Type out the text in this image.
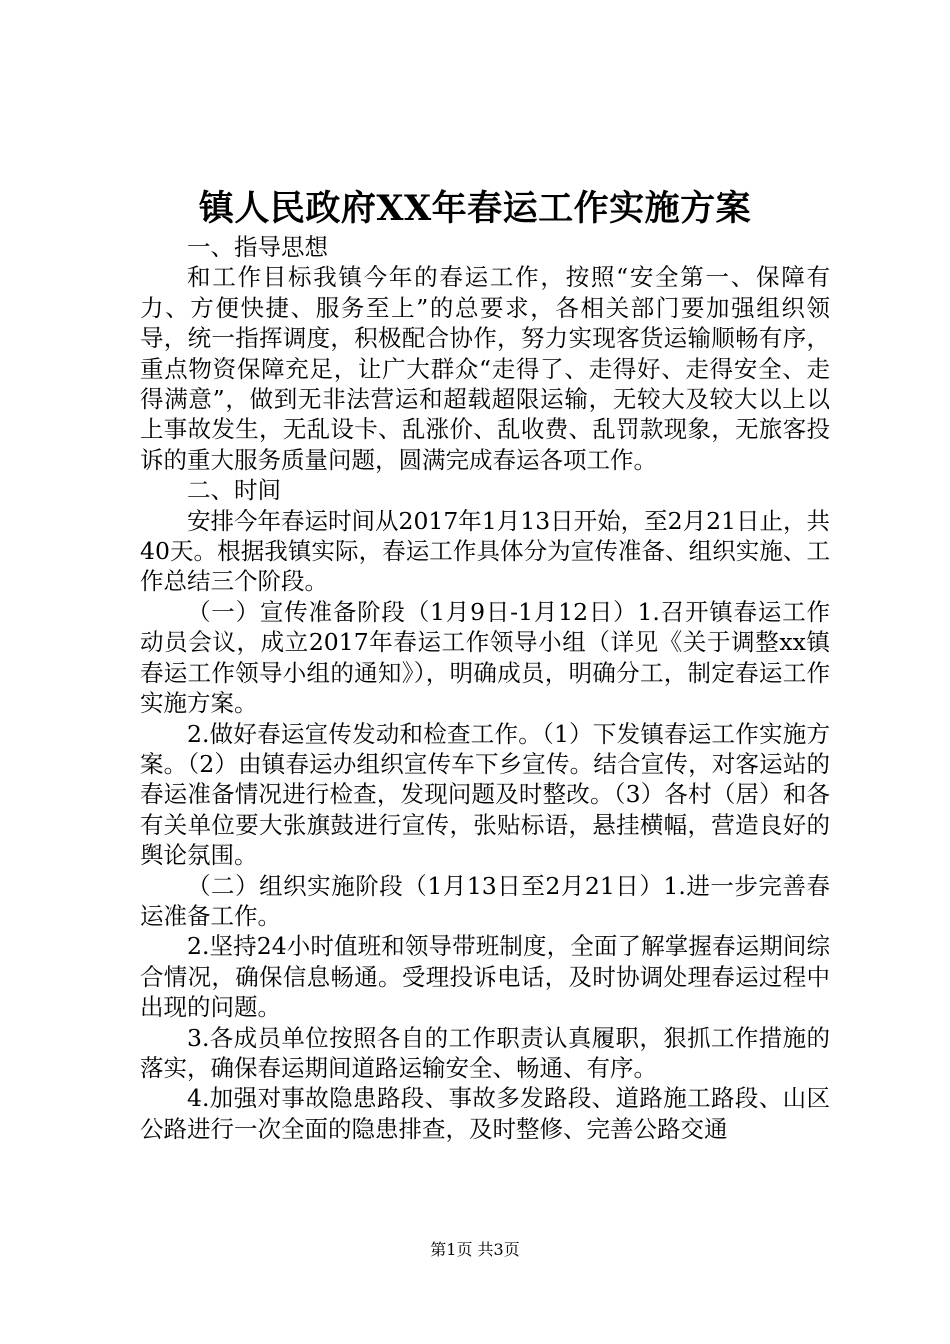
镇人民政府XX年春运工作实施方案

一、指导思想

和工作目标我镇今年的春运工作，按照“安全第一、保障有力、方便快捷、服务至上”的总要求，各相关部门要加强组织领导，统一指挥调度，积极配合协作，努力实现客货运输顺畅有序，重点物资保障充足，让广大群众“走得了、走得好、走得安全、走得满意”，做到无非法营运和超载超限运输，无较大及较大以上以上事故发生，无乱设卡、乱涨价、乱收费、乱罚款现象，无旅客投诉的重大服务质量问题，圆满完成春运各项工作。

二、时间

安排今年春运时间从2017年1月13日开始，至2月21日止，共40天。根据我镇实际，春运工作具体分为宣传准备、组织实施、工作总结三个阶段。

（一）宣传准备阶段（1月9日-1月12日）1.召开镇春运工作动员会议，成立2017年春运工作领导小组（详见《关于调整xx镇春运工作领导小组的通知》），明确成员，明确分工，制定春运工作实施方案。

2.做好春运宣传发动和检查工作。（1）下发镇春运工作实施方案。（2）由镇春运办组织宣传车下乡宣传。结合宣传，对客运站的春运准备情况进行检查，发现问题及时整改。（3）各村（居）和各有关单位要大张旗鼓进行宣传，张贴标语，悬挂横幅，营造良好的舆论氛围。

（二）组织实施阶段（1月13日至2月21日）1.进一步完善春运准备工作。

2.坚持24小时值班和领导带班制度，全面了解掌握春运期间综合情况，确保信息畅通。受理投诉电话，及时协调处理春运过程中出现的问题。

3.各成员单位按照各自的工作职责认真履职，狠抓工作措施的落实，确保春运期间道路运输安全、畅通、有序。

4.加强对事故隐患路段、事故多发路段、道路施工路段、山区公路进行一次全面的隐患排查，及时整修、完善公路交通

第1页 共3页
